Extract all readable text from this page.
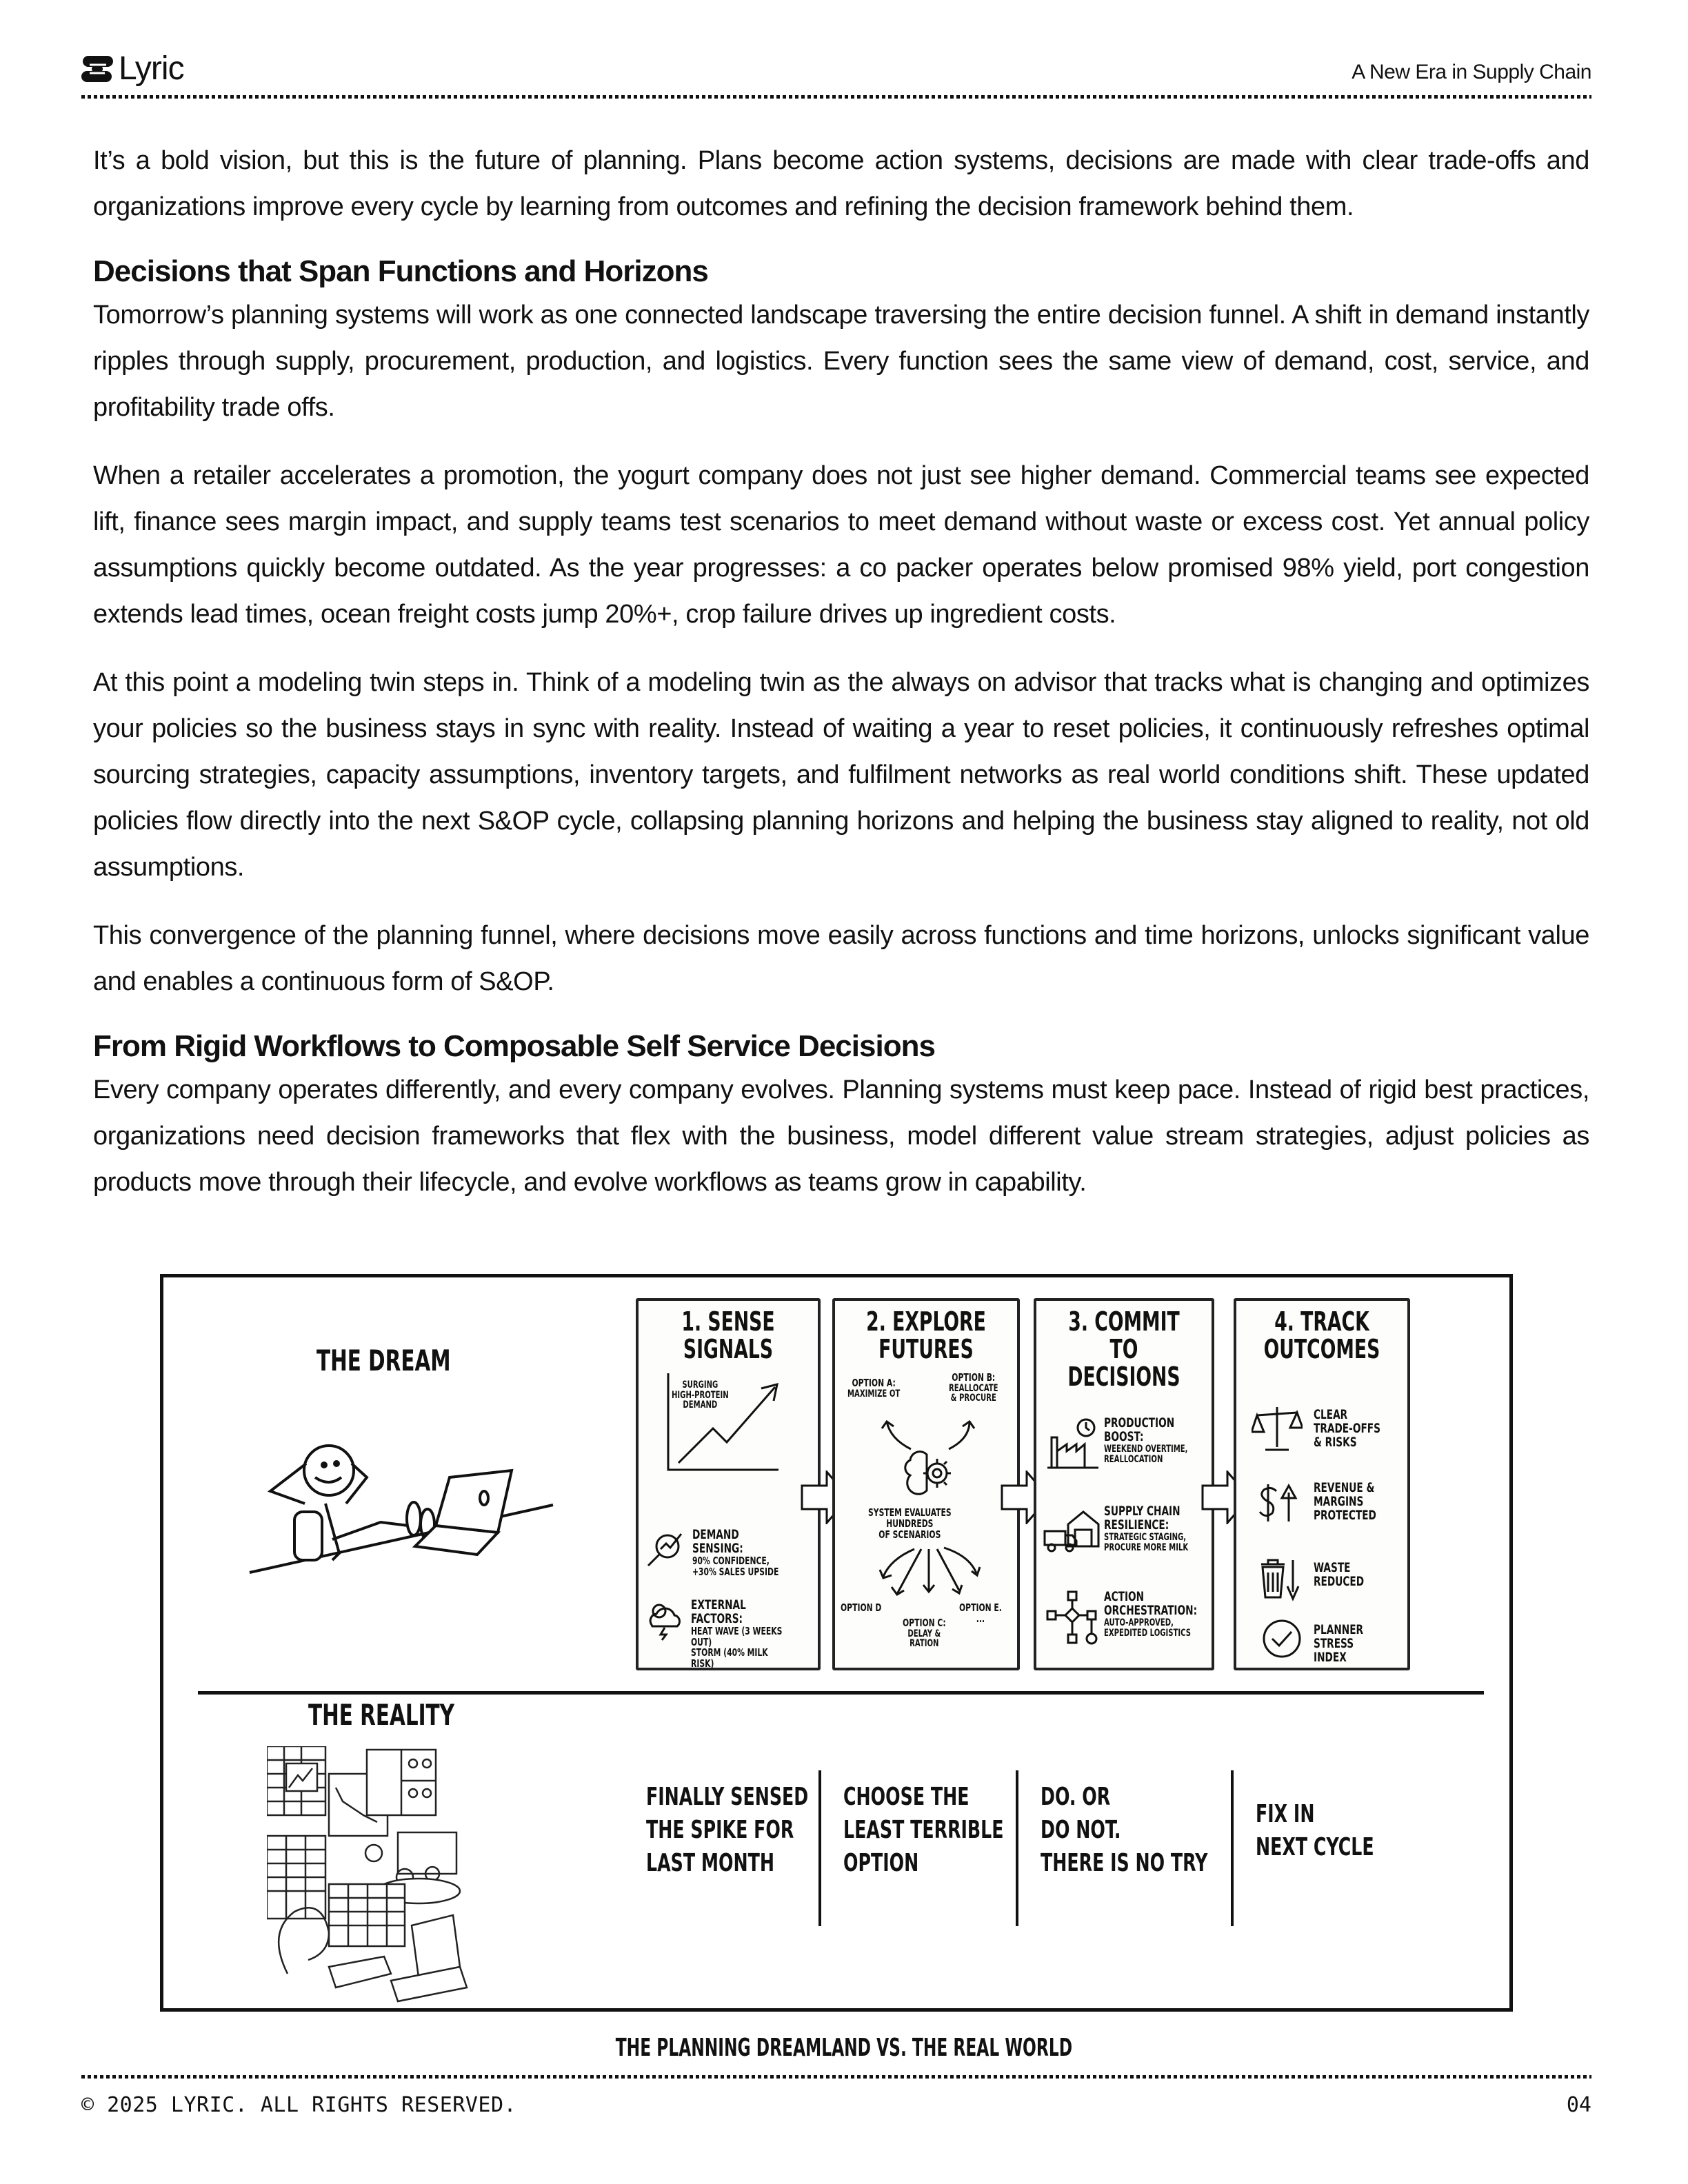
Lyric	A New Era in Supply Chain

It’s a bold vision, but this is the future of planning. Plans become action systems, decisions are made with clear trade-offs and organizations improve every cycle by learning from outcomes and refining the decision framework behind them.

Decisions that Span Functions and Horizons

Tomorrow’s planning systems will work as one connected landscape traversing the entire decision funnel. A shift in demand instantly ripples through supply, procurement, production, and logistics. Every function sees the same view of demand, cost, service, and profitability trade offs.

When a retailer accelerates a promotion, the yogurt company does not just see higher demand. Commercial teams see expected lift, finance sees margin impact, and supply teams test scenarios to meet demand without waste or excess cost. Yet annual policy assumptions quickly become outdated. As the year progresses: a co packer operates below promised 98% yield, port congestion extends lead times, ocean freight costs jump 20%+, crop failure drives up ingredient costs.

At this point a modeling twin steps in. Think of a modeling twin as the always on advisor that tracks what is changing and optimizes your policies so the business stays in sync with reality. Instead of waiting a year to reset policies, it continuously refreshes optimal sourcing strategies, capacity assumptions, inventory targets, and fulfilment networks as real world conditions shift. These updated policies flow directly into the next S&OP cycle, collapsing planning horizons and helping the business stay aligned to reality, not old assumptions.

This convergence of the planning funnel, where decisions move easily across functions and time horizons, unlocks significant value and enables a continuous form of S&OP.

From Rigid Workflows to Composable Self Service Decisions

Every company operates differently, and every company evolves. Planning systems must keep pace. Instead of rigid best practices, organizations need decision frameworks that flex with the business, model different value stream strategies, adjust policies as products move through their lifecycle, and evolve workflows as teams grow in capability.

THE DREAM
1. SENSE
SIGNALS
SURGING
HIGH-PROTEIN
DEMAND
DEMAND SENSING:
90% CONFIDENCE,
+30% SALES UPSIDE
EXTERNAL FACTORS:
HEAT WAVE (3 WEEKS OUT)
STORM (40% MILK RISK)
2. EXPLORE
FUTURES
OPTION A:
MAXIMIZE OT
OPTION B:
REALLOCATE
& PROCURE
SYSTEM EVALUATES
HUNDREDS
OF SCENARIOS
OPTION D	OPTION E.
...
OPTION C:
DELAY &
RATION
3. COMMIT TO
DECISIONS
PRODUCTION
BOOST:
WEEKEND OVERTIME,
REALLOCATION
SUPPLY CHAIN
RESILIENCE:
STRATEGIC STAGING,
PROCURE MORE MILK
ACTION
ORCHESTRATION:
AUTO-APPROVED,
EXPEDITED LOGISTICS
4. TRACK
OUTCOMES
CLEAR
TRADE-OFFS
& RISKS
REVENUE &
MARGINS
PROTECTED
WASTE
REDUCED
PLANNER
STRESS INDEX
THE REALITY
FINALLY SENSED
THE SPIKE FOR
LAST MONTH
CHOOSE THE
LEAST TERRIBLE
OPTION
DO. OR
DO NOT.
THERE IS NO TRY
FIX IN
NEXT CYCLE
THE PLANNING DREAMLAND VS. THE REAL WORLD
© 2025 LYRIC. ALL RIGHTS RESERVED.	04
